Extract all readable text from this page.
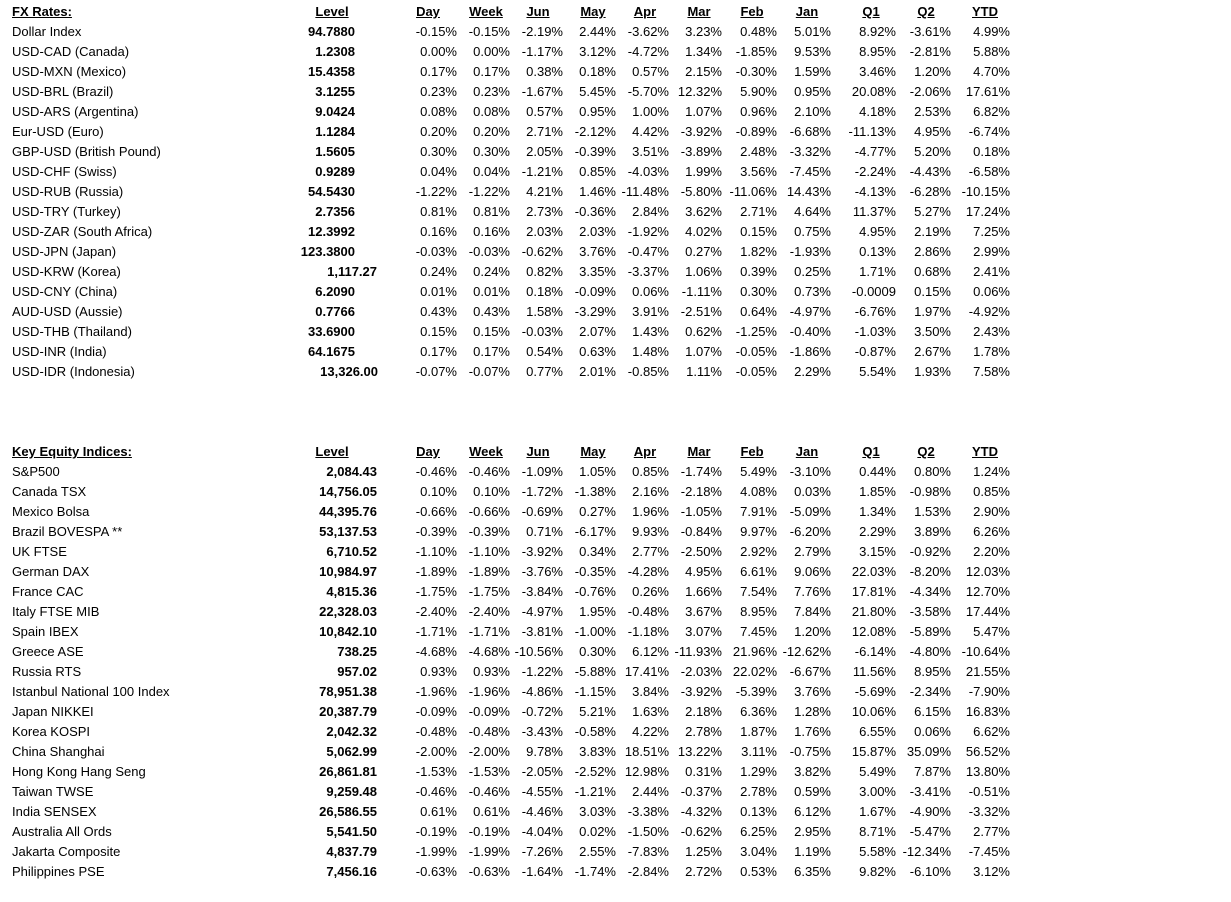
FX Rates:	Level	Day	Week	Jun	May	Apr	Mar	Feb	Jan	Q1	Q2	YTD
Dollar Index	94.7880	-0.15% -0.15% -2.19%	2.44% -3.62%	3.23%	0.48%	5.01%	8.92%	-3.61%	4.99%
USD-CAD (Canada)	1.2308	0.00%	0.00% -1.17%	3.12% -4.72%	1.34%	-1.85%	9.53%	8.95%	-2.81%	5.88%
USD-MXN (Mexico)	15.4358	0.17%	0.17%	0.38%	0.18%	0.57%	2.15%	-0.30%	1.59%	3.46%	1.20%	4.70%
USD-BRL (Brazil)	3.1255	0.23%	0.23% -1.67%	5.45% -5.70% 12.32%	5.90%	0.95%	20.08%	-2.06%	17.61%
USD-ARS (Argentina)	9.0424	0.08%	0.08%	0.57%	0.95%	1.00%	1.07%	0.96%	2.10%	4.18%	2.53%	6.82%
Eur-USD (Euro)	1.1284	0.20%	0.20%	2.71% -2.12%	4.42% -3.92%	-0.89% -6.68%	-11.13%	4.95%	-6.74%
GBP-USD (British Pound)	1.5605	0.30%	0.30%	2.05% -0.39%	3.51% -3.89%	2.48% -3.32%	-4.77%	5.20%	0.18%
USD-CHF (Swiss)	0.9289	0.04%	0.04% -1.21%	0.85% -4.03%	1.99%	3.56% -7.45%	-2.24%	-4.43%	-6.58%
USD-RUB (Russia)	54.5430	-1.22% -1.22%	4.21%	1.46% -11.48% -5.80% -11.06% 14.43%	-4.13%	-6.28% -10.15%
USD-TRY (Turkey)	2.7356	0.81%	0.81%	2.73% -0.36%	2.84%	3.62%	2.71%	4.64%	11.37%	5.27%	17.24%
USD-ZAR (South Africa)	12.3992	0.16%	0.16%	2.03%	2.03% -1.92%	4.02%	0.15%	0.75%	4.95%	2.19%	7.25%
USD-JPN (Japan)	123.3800	-0.03% -0.03% -0.62%	3.76% -0.47%	0.27%	1.82% -1.93%	0.13%	2.86%	2.99%
USD-KRW (Korea)	1,117.27	0.24%	0.24%	0.82%	3.35% -3.37%	1.06%	0.39%	0.25%	1.71%	0.68%	2.41%
USD-CNY (China)	6.2090	0.01%	0.01%	0.18% -0.09%	0.06% -1.11%	0.30%	0.73%	-0.0009	0.15%	0.06%
AUD-USD (Aussie)	0.7766	0.43%	0.43%	1.58% -3.29%	3.91% -2.51%	0.64% -4.97%	-6.76%	1.97%	-4.92%
USD-THB (Thailand)	33.6900	0.15%	0.15% -0.03%	2.07%	1.43%	0.62%	-1.25% -0.40%	-1.03%	3.50%	2.43%
USD-INR (India)	64.1675	0.17%	0.17%	0.54%	0.63%	1.48%	1.07%	-0.05% -1.86%	-0.87%	2.67%	1.78%
USD-IDR (Indonesia)	13,326.00	-0.07% -0.07%	0.77%	2.01% -0.85%	1.11%	-0.05%	2.29%	5.54%	1.93%	7.58%
Key Equity Indices:	Level	Day	Week	Jun	May	Apr	Mar	Feb	Jan	Q1	Q2	YTD
S&P500	2,084.43	-0.46% -0.46% -1.09%	1.05%	0.85% -1.74%	5.49% -3.10%	0.44%	0.80%	1.24%
Canada TSX	14,756.05	0.10%	0.10% -1.72% -1.38%	2.16% -2.18%	4.08%	0.03%	1.85%	-0.98%	0.85%
Mexico Bolsa	44,395.76	-0.66% -0.66% -0.69%	0.27%	1.96% -1.05%	7.91% -5.09%	1.34%	1.53%	2.90%
Brazil BOVESPA **	53,137.53	-0.39% -0.39%	0.71% -6.17%	9.93% -0.84%	9.97% -6.20%	2.29%	3.89%	6.26%
UK FTSE	6,710.52	-1.10% -1.10% -3.92%	0.34%	2.77% -2.50%	2.92%	2.79%	3.15%	-0.92%	2.20%
German DAX	10,984.97	-1.89% -1.89% -3.76% -0.35% -4.28%	4.95%	6.61%	9.06%	22.03%	-8.20%	12.03%
France CAC	4,815.36	-1.75% -1.75% -3.84% -0.76%	0.26%	1.66%	7.54%	7.76%	17.81%	-4.34%	12.70%
Italy FTSE MIB	22,328.03	-2.40% -2.40% -4.97%	1.95% -0.48%	3.67%	8.95%	7.84%	21.80%	-3.58%	17.44%
Spain IBEX	10,842.10	-1.71% -1.71% -3.81% -1.00% -1.18%	3.07%	7.45%	1.20%	12.08%	-5.89%	5.47%
Greece ASE	738.25	-4.68% -4.68% -10.56%	0.30%	6.12% -11.93% 21.96% -12.62%	-6.14%	-4.80% -10.64%
Russia RTS	957.02	0.93%	0.93% -1.22% -5.88% 17.41% -2.03% 22.02% -6.67%	11.56%	8.95%	21.55%
Istanbul National 100 Index	78,951.38	-1.96% -1.96% -4.86% -1.15%	3.84% -3.92%	-5.39%	3.76%	-5.69%	-2.34%	-7.90%
Japan NIKKEI	20,387.79	-0.09% -0.09% -0.72%	5.21%	1.63%	2.18%	6.36%	1.28%	10.06%	6.15%	16.83%
Korea KOSPI	2,042.32	-0.48% -0.48% -3.43% -0.58%	4.22%	2.78%	1.87%	1.76%	6.55%	0.06%	6.62%
China Shanghai	5,062.99	-2.00% -2.00%	9.78%	3.83% 18.51% 13.22%	3.11% -0.75%	15.87% 35.09%	56.52%
Hong Kong Hang Seng	26,861.81	-1.53% -1.53% -2.05% -2.52% 12.98%	0.31%	1.29%	3.82%	5.49%	7.87%	13.80%
Taiwan TWSE	9,259.48	-0.46% -0.46% -4.55% -1.21%	2.44% -0.37%	2.78%	0.59%	3.00%	-3.41%	-0.51%
India SENSEX	26,586.55	0.61%	0.61% -4.46%	3.03% -3.38% -4.32%	0.13%	6.12%	1.67%	-4.90%	-3.32%
Australia All Ords	5,541.50	-0.19% -0.19% -4.04%	0.02% -1.50% -0.62%	6.25%	2.95%	8.71%	-5.47%	2.77%
Jakarta Composite	4,837.79	-1.99% -1.99% -7.26%	2.55% -7.83%	1.25%	3.04%	1.19%	5.58% -12.34%	-7.45%
Philippines PSE	7,456.16	-0.63% -0.63% -1.64% -1.74% -2.84%	2.72%	0.53%	6.35%	9.82%	-6.10%	3.12%
